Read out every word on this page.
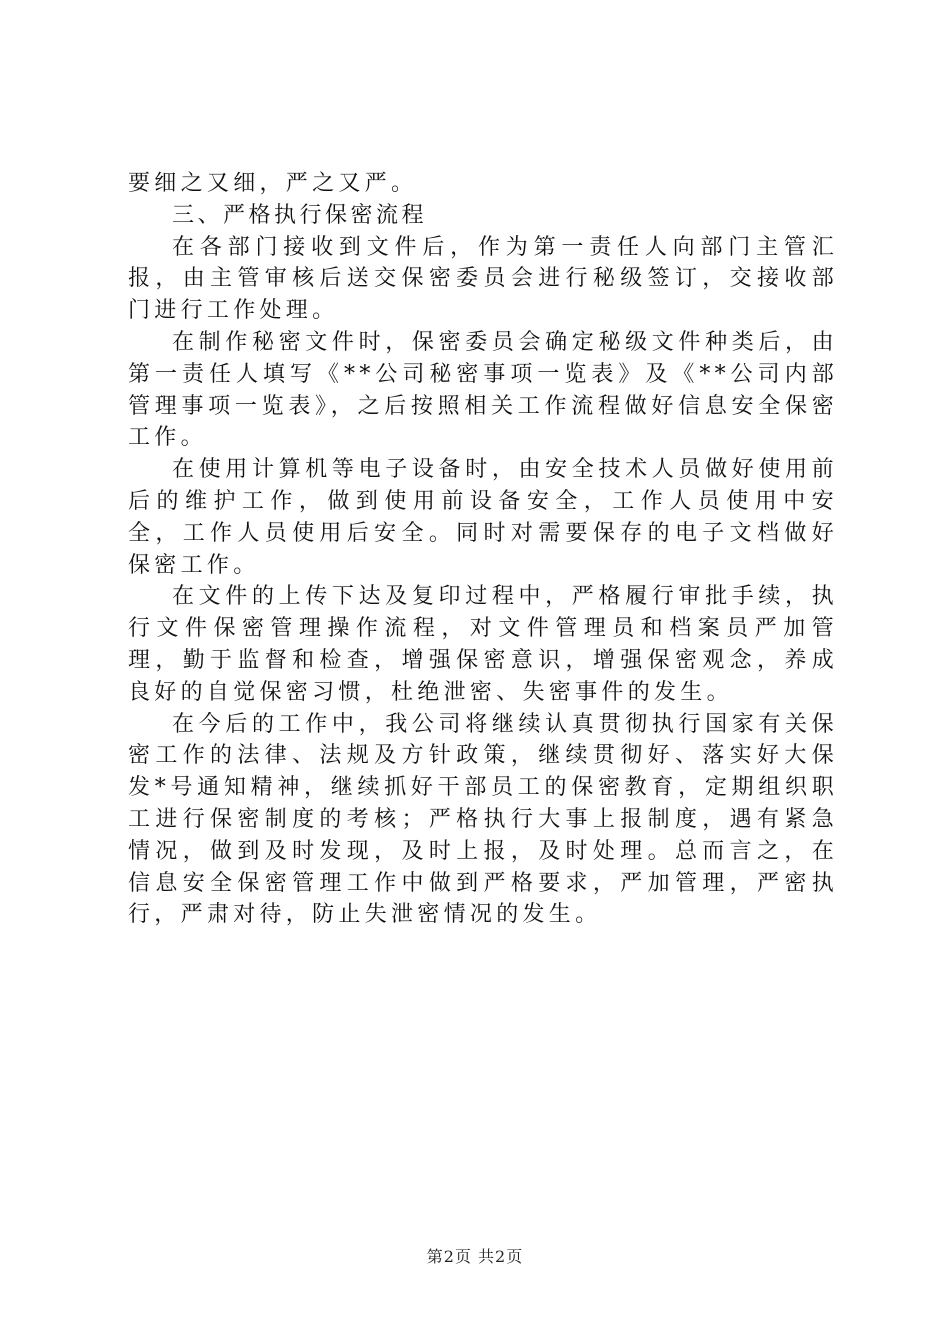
要细之又细，严之又严。

三、严格执行保密流程

在各部门接收到文件后，作为第一责任人向部门主管汇报，由主管审核后送交保密委员会进行秘级签订，交接收部门进行工作处理。

在制作秘密文件时，保密委员会确定秘级文件种类后，由第一责任人填写《**公司秘密事项一览表》及《**公司内部管理事项一览表》，之后按照相关工作流程做好信息安全保密工作。

在使用计算机等电子设备时，由安全技术人员做好使用前后的维护工作，做到使用前设备安全，工作人员使用中安全，工作人员使用后安全。同时对需要保存的电子文档做好保密工作。

在文件的上传下达及复印过程中，严格履行审批手续，执行文件保密管理操作流程，对文件管理员和档案员严加管理，勤于监督和检查，增强保密意识，增强保密观念，养成良好的自觉保密习惯，杜绝泄密、失密事件的发生。

在今后的工作中，我公司将继续认真贯彻执行国家有关保密工作的法律、法规及方针政策，继续贯彻好、落实好大保发*号通知精神，继续抓好干部员工的保密教育，定期组织职工进行保密制度的考核；严格执行大事上报制度，遇有紧急情况，做到及时发现，及时上报，及时处理。总而言之，在信息安全保密管理工作中做到严格要求，严加管理，严密执行，严肃对待，防止失泄密情况的发生。

第2页 共2页
